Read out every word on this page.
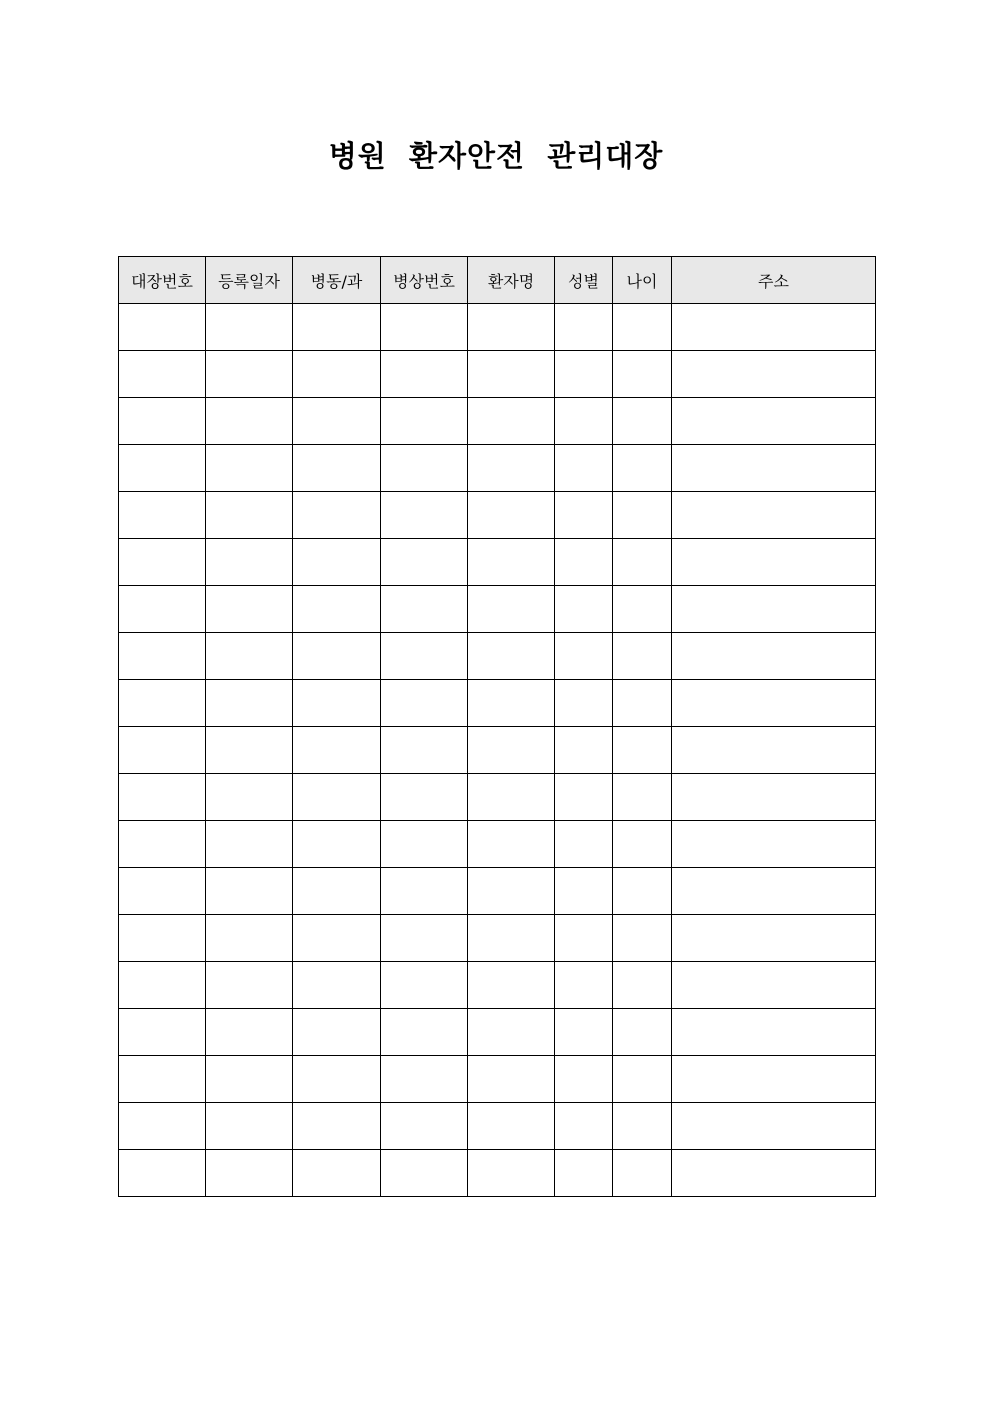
병원  환자안전  관리대장
대장번호	등록일자	병동/과	병상번호	환자명	성별	나이	주소
